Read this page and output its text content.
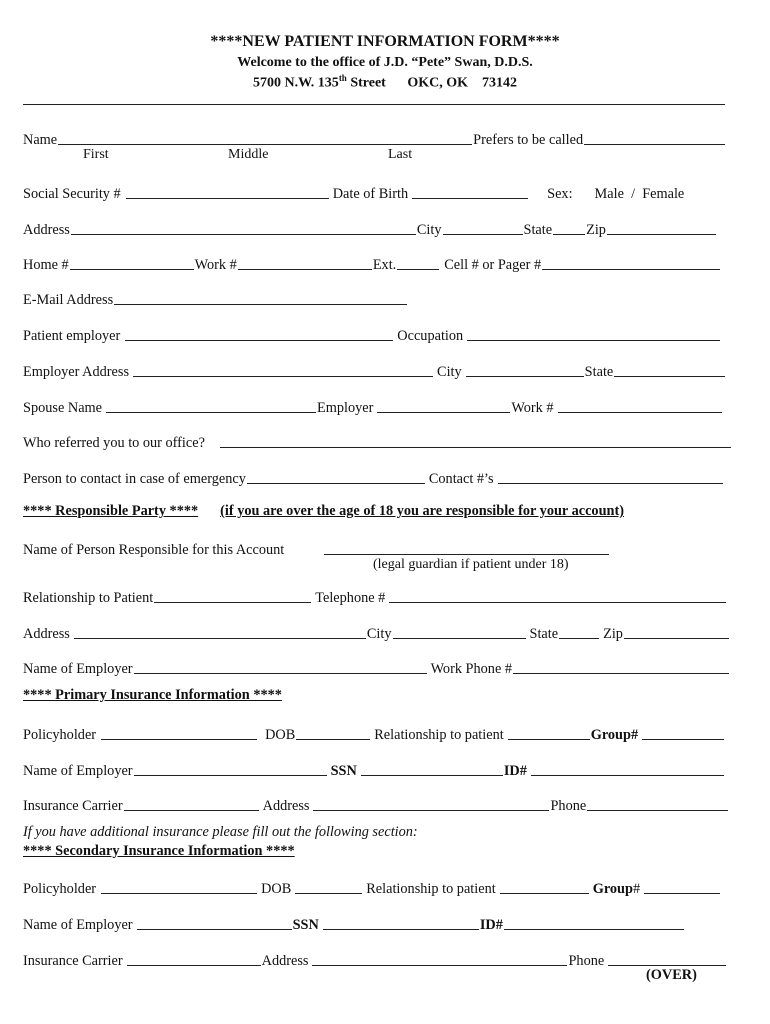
****NEW PATIENT INFORMATION FORM****
Welcome to the office of J.D. “Pete” Swan, D.D.S.
5700 N.W. 135th Street OKC, OK    73142
Name	Prefers to be called
First	Middle	Last
Social Security #	Date of Birth	Sex: Male  /  Female
Address	City	State Zip
Home #	Work #	Ext.	Cell # or Pager #
E-Mail Address
Patient employer	Occupation
Employer Address	City	State
Spouse Name	Employer	Work #
Who referred you to our office?
Person to contact in case of emergency	Contact #’s
**** Responsible Party **** (if you are over the age of 18 you are responsible for your account)
Name of Person Responsible for this Account
(legal guardian if patient under 18)
Relationship to Patient	Telephone #
Address	City	State	Zip
Name of Employer	Work Phone #
**** Primary Insurance Information ****
Policyholder	DOB	Relationship to patient	Group#
Name of Employer	SSN	ID#
Insurance Carrier	Address	Phone
If you have additional insurance please fill out the following section:
**** Secondary Insurance Information ****
Policyholder	DOB	Relationship to patient	Group #
Name of Employer	SSN	ID#
Insurance Carrier	Address	Phone
(OVER)
